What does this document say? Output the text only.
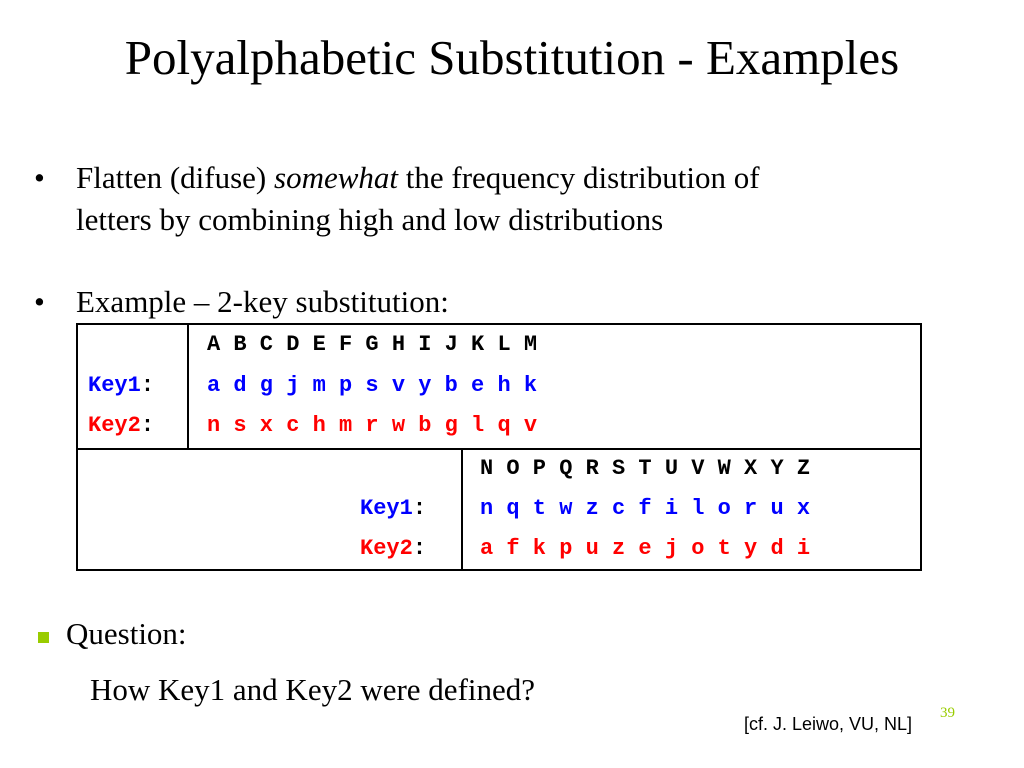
Polyalphabetic Substitution - Examples
• Flatten (difuse) somewhat the frequency distribution of
letters by combining high and low distributions
• Example – 2-key substitution:
Key1:
Key2:
A B C D E F G H I J K L M
a d g j m p s v y b e h k
n s x c h m r w b g l q v
Key1:
Key2:
N O P Q R S T U V W X Y Z
n q t w z c f i l o r u x
a f k p u z e j o t y d i
Question:
How Key1 and Key2 were defined?
[cf. J. Leiwo, VU, NL]
39
